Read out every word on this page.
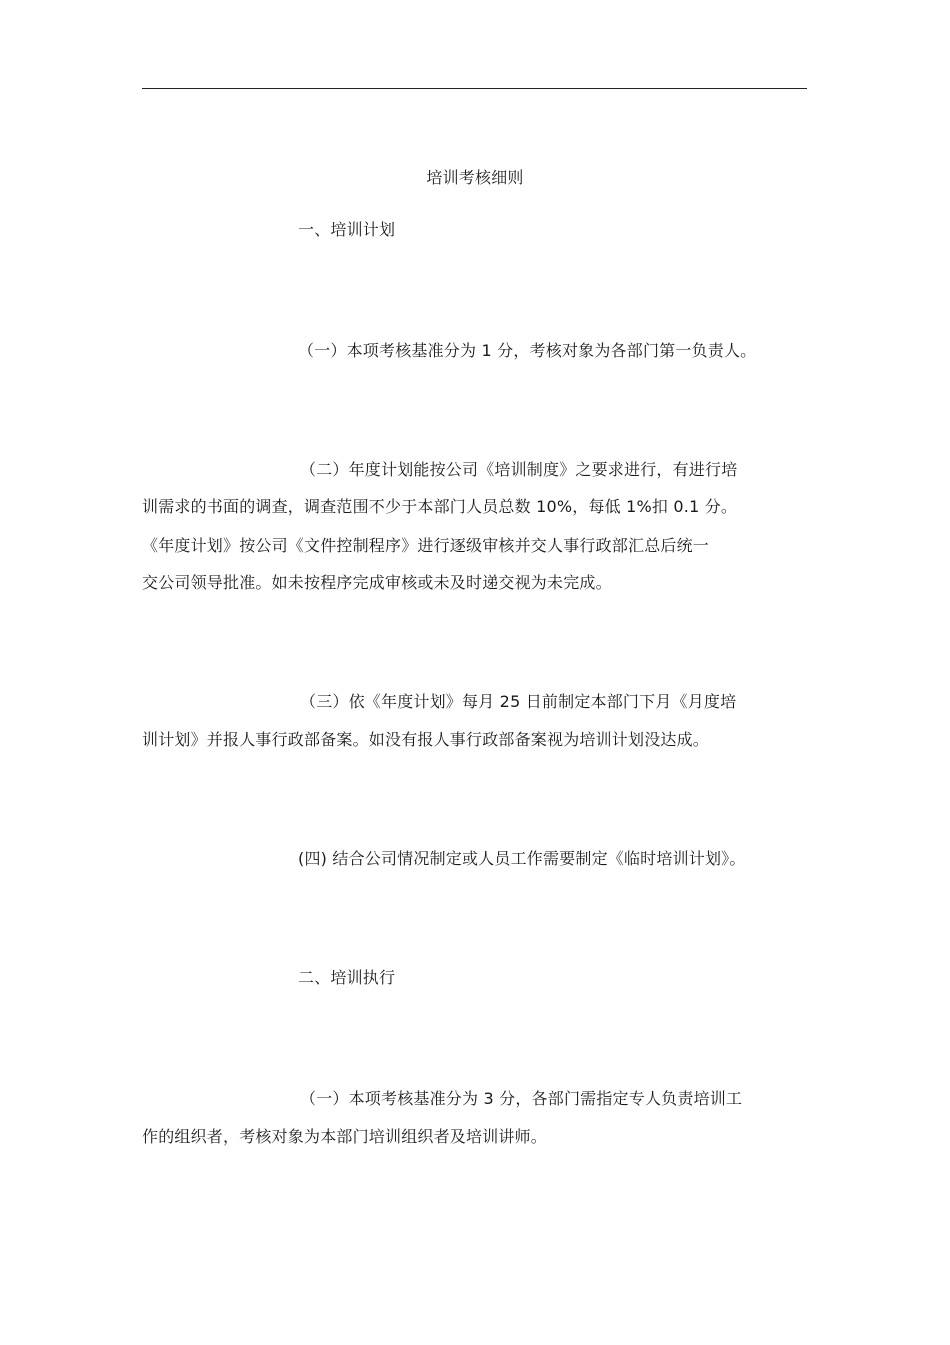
培训考核细则
一、培训计划
（一）本项考核基准分为 1 分，考核对象为各部门第一负责人。
（二）年度计划能按公司《培训制度》之要求进行，有进行培
训需求的书面的调查，调查范围不少于本部门人员总数 10%，每低 1%扣 0.1 分。
《年度计划》按公司《文件控制程序》进行逐级审核并交人事行政部汇总后统一
交公司领导批准。如未按程序完成审核或未及时递交视为未完成。
（三）依《年度计划》每月 25 日前制定本部门下月《月度培
训计划》并报人事行政部备案。如没有报人事行政部备案视为培训计划没达成。
(四) 结合公司情况制定或人员工作需要制定《临时培训计划》。
二、培训执行
（一）本项考核基准分为 3 分，各部门需指定专人负责培训工
作的组织者，考核对象为本部门培训组织者及培训讲师。
